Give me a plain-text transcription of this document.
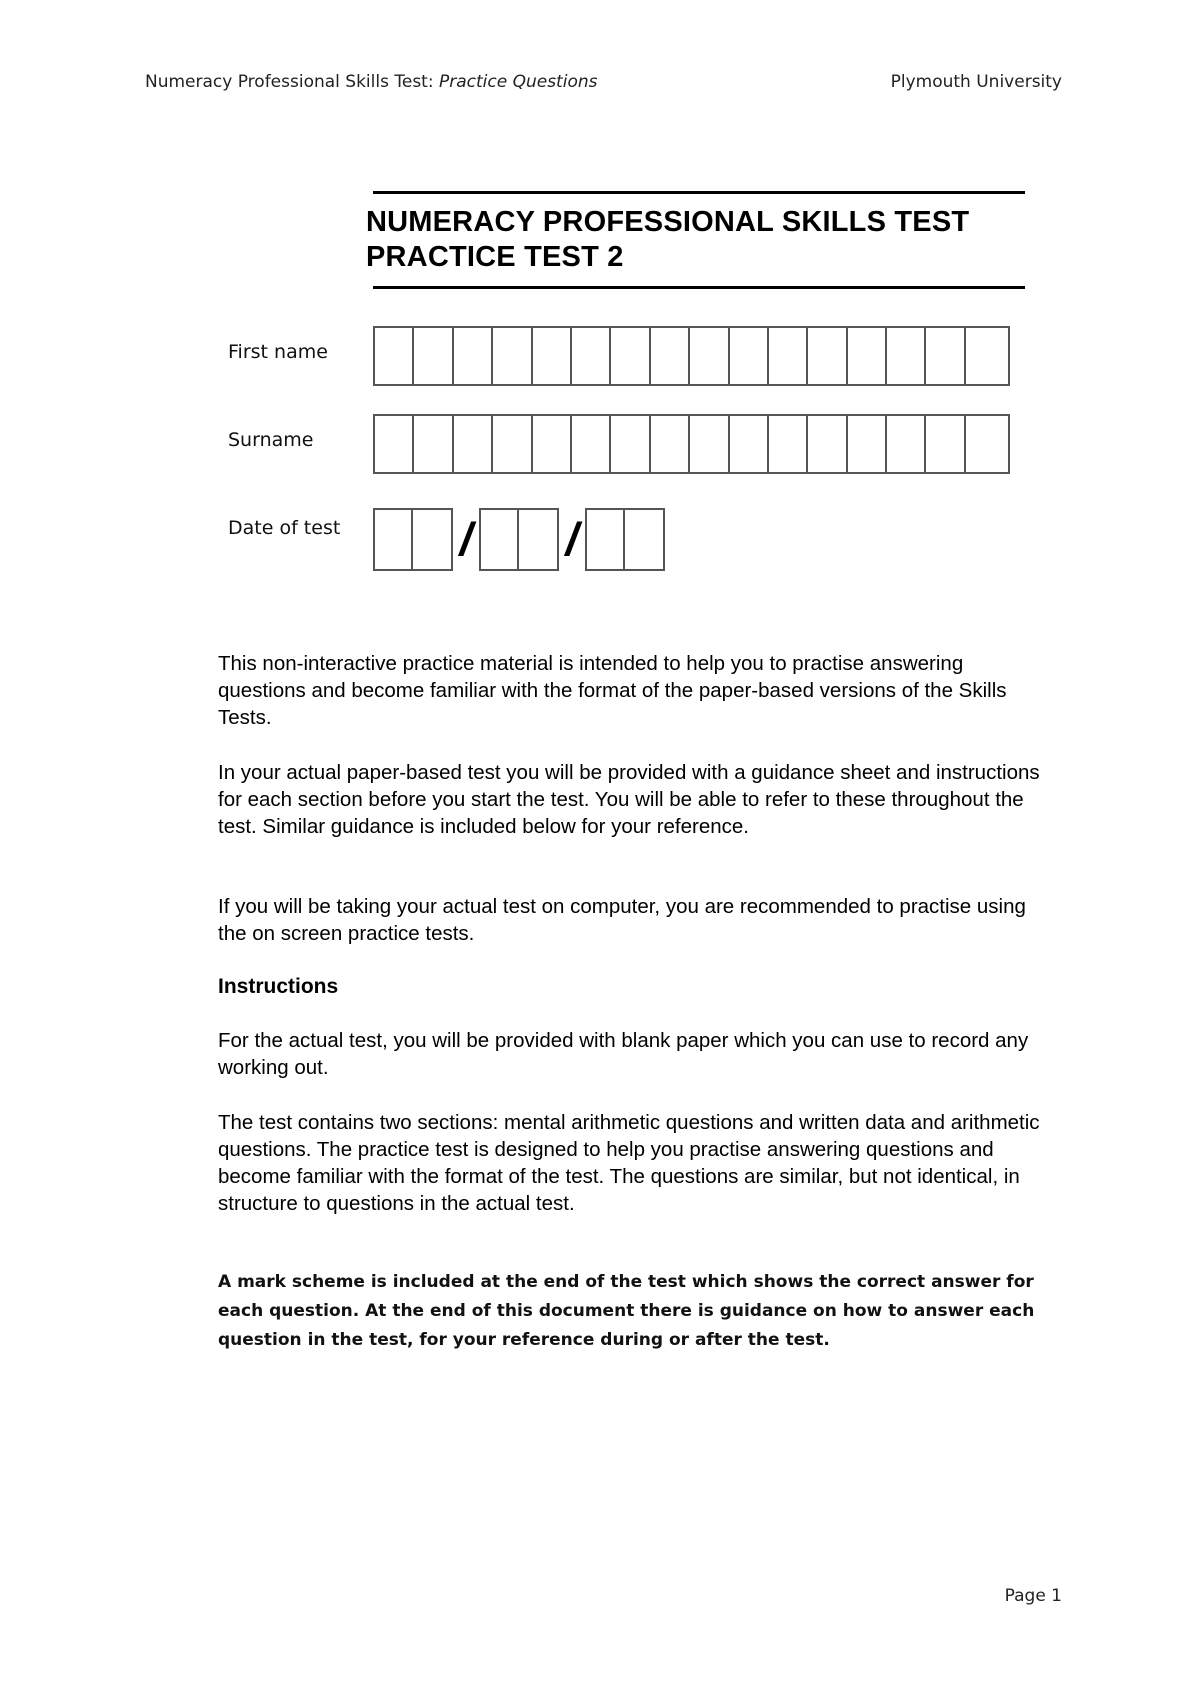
Numeracy Professional Skills Test: Practice Questions	Plymouth University
NUMERACY PROFESSIONAL SKILLS TEST
PRACTICE TEST 2
First name
Surname
Date of test	/ /
This non-interactive practice material is intended to help you to practise answering questions and become familiar with the format of the paper-based versions of the Skills Tests.
In your actual paper-based test you will be provided with a guidance sheet and instructions for each section before you start the test. You will be able to refer to these throughout the test. Similar guidance is included below for your reference.
If you will be taking your actual test on computer, you are recommended to practise using the on screen practice tests.
Instructions
For the actual test, you will be provided with blank paper which you can use to record any working out.
The test contains two sections: mental arithmetic questions and written data and arithmetic questions. The practice test is designed to help you practise answering questions and become familiar with the format of the test. The questions are similar, but not identical, in structure to questions in the actual test.
A mark scheme is included at the end of the test which shows the correct answer for each question. At the end of this document there is guidance on how to answer each question in the test, for your reference during or after the test.
Page 1
